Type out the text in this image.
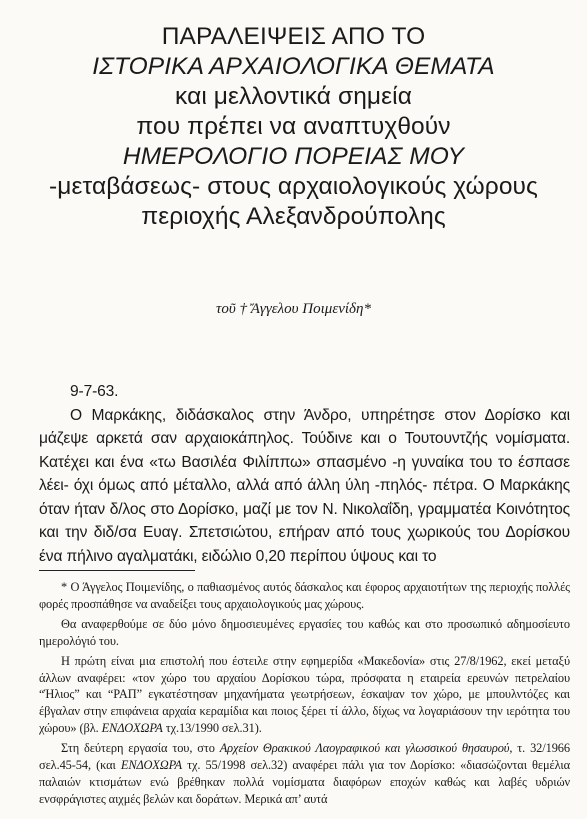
ΠΑΡΑΛΕΙΨΕΙΣ ΑΠΟ ΤΟ
ΙΣΤΟΡΙΚΑ ΑΡΧΑΙΟΛΟΓΙΚΑ ΘΕΜΑΤΑ
και μελλοντικά σημεία
που πρέπει να αναπτυχθούν
ΗΜΕΡΟΛΟΓΙΟ ΠΟΡΕΙΑΣ ΜΟΥ
-μεταβάσεως- στους αρχαιολογικούς χώρους
περιοχής Αλεξανδρούπολης
τοῦ † Ἄγγελου Ποιμενίδη*
9-7-63.

Ο Μαρκάκης, διδάσκαλος στην Άνδρο, υπηρέτησε στον Δορίσκο και μάζεψε αρκετά σαν αρχαιοκάπηλος. Τούδινε και ο Τουτουντζής νομίσματα. Κατέχει και ένα «τω Βασιλέα Φιλίππω» σπασμένο -η γυναίκα του το έσπασε λέει- όχι όμως από μέταλλο, αλλά από άλλη ύλη -πηλός- πέτρα. Ο Μαρκάκης όταν ήταν δ/λος στο Δορίσκο, μαζί με τον Ν. Νικολαΐδη, γραμματέα Κοινότητος και την διδ/σα Ευαγ. Σπετσιώτου, επήραν από τους χωρικούς του Δορίσκου ένα πήλινο αγαλματάκι, ειδώλιο 0,20 περίπου ύψους και το

* Ο Άγγελος Ποιμενίδης, ο παθιασμένος αυτός δάσκαλος και έφορος αρχαιοτήτων της περιοχής πολλές φορές προσπάθησε να αναδείξει τους αρχαιολογικούς μας χώρους.

Θα αναφερθούμε σε δύο μόνο δημοσιευμένες εργασίες του καθώς και στο προσωπικό αδημοσίευτο ημερολόγιό του.

Η πρώτη είναι μια επιστολή που έστειλε στην εφημερίδα «Μακεδονία» στις 27/8/1962, εκεί μεταξύ άλλων αναφέρει: «τον χώρο του αρχαίου Δορίσκου τώρα, πρόσφατα η εταιρεία ερευνών πετρελαίου “Ήλιος” και “ΡΑΠ” εγκατέστησαν μηχανήματα γεωτρήσεων, έσκαψαν τον χώρο, με μπουλντόζες και έβγαλαν στην επιφάνεια αρχαία κεραμίδια και ποιος ξέρει τί άλλο, δίχως να λογαριάσουν την ιερότητα του χώρου» (βλ. ΕΝΔΟΧΩΡΑ τχ.13/1990 σελ.31).

Στη δεύτερη εργασία του, στο Αρχείον Θρακικού Λαογραφικού και γλωσσικού θησαυρού, τ. 32/1966 σελ.45-54, (και ΕΝΔΟΧΩΡΑ τχ. 55/1998 σελ.32) αναφέρει πάλι για τον Δορίσκο: «διασώζονται θεμέλια παλαιών κτισμάτων ενώ βρέθηκαν πολλά νομίσματα διαφόρων εποχών καθώς και λαβές υδριών ενσφράγιστες αιχμές βελών και δοράτων. Μερικά απ’ αυτά
